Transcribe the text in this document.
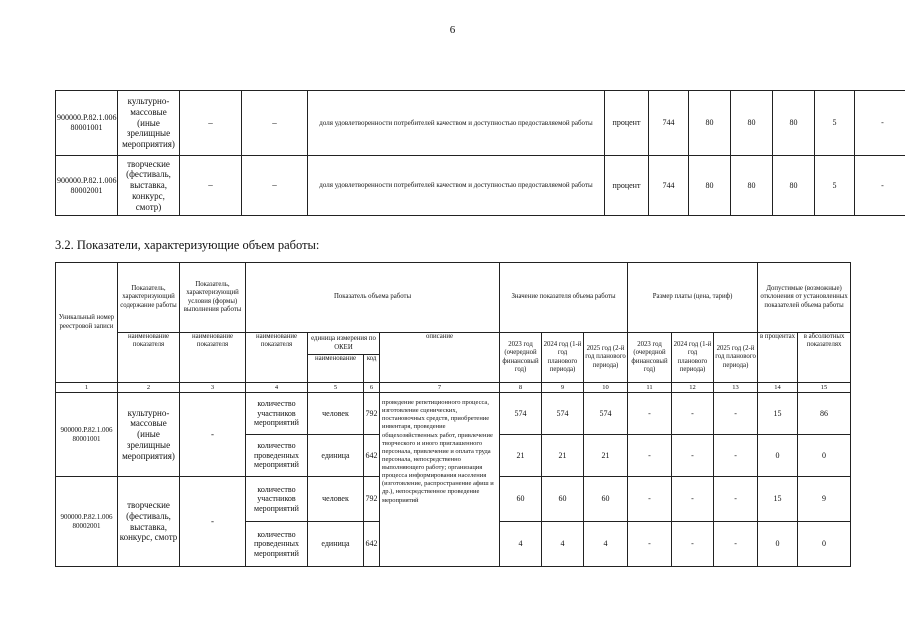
6
900000.Р.82.1.006 80001001	культурно-массовые (иные зрелищные мероприятия)	–	–	доля удовлетворенности потребителей качеством и доступностью предоставляемой работы	процент	744	80	80	80	5	-
900000.Р.82.1.006 80002001	творческие (фестиваль, выставка, конкурс, смотр)	–	–	доля удовлетворенности потребителей качеством и доступностью предоставляемой работы	процент	744	80	80	80	5	-
3.2. Показатели, характеризующие объем работы:
Уникальный номер реестровой записи	Показатель, характеризующий содержание работы	Показатель, характеризующий условия (формы) выполнения работы	Показатель объема работы				Значение показателя объема работы			Размер платы (цена, тариф)			Допустимые (возможные) отклонения от установленных показателей объема работы	
	наименование показателя	наименование показателя	наименование показателя	единица измерения по ОКЕИ		описание	2023 год (очередной финансовый год)	2024 год (1-й год планового периода)	2025 год (2-й год планового периода)	2023 год (очередной финансовый год)	2024 год (1-й год планового периода)	2025 год (2-й год планового периода)	в процентах	в абсолютных показателях
				наименование	код									
1	2	3	4	5	6	7	8	9	10	11	12	13	14	15
900000.Р.82.1.006 80001001	культурно-массовые (иные зрелищные мероприятия)	-	количество участников мероприятий	человек	792	проведение репетиционного процесса, изготовление сценических, постановочных средств, приобретение инвентаря, проведение общехозяйственных работ, привлечение творческого и иного приглашенного персонала, привлечение и оплата труда персонала, непосредственно выполняющего работу; организация процесса информирования населения (изготовление, распространение афиш и др.), непосредственное проведение мероприятий	574	574	574	-	-	-	15	86
			количество проведенных мероприятий	единица	642		21	21	21	-	-	-	0	0
900000.Р.82.1.006 80002001	творческие (фестиваль, выставка, конкурс, смотр	-	количество участников мероприятий	человек	792		60	60	60	-	-	-	15	9
			количество проведенных мероприятий	единица	642		4	4	4	-	-	-	0	0
